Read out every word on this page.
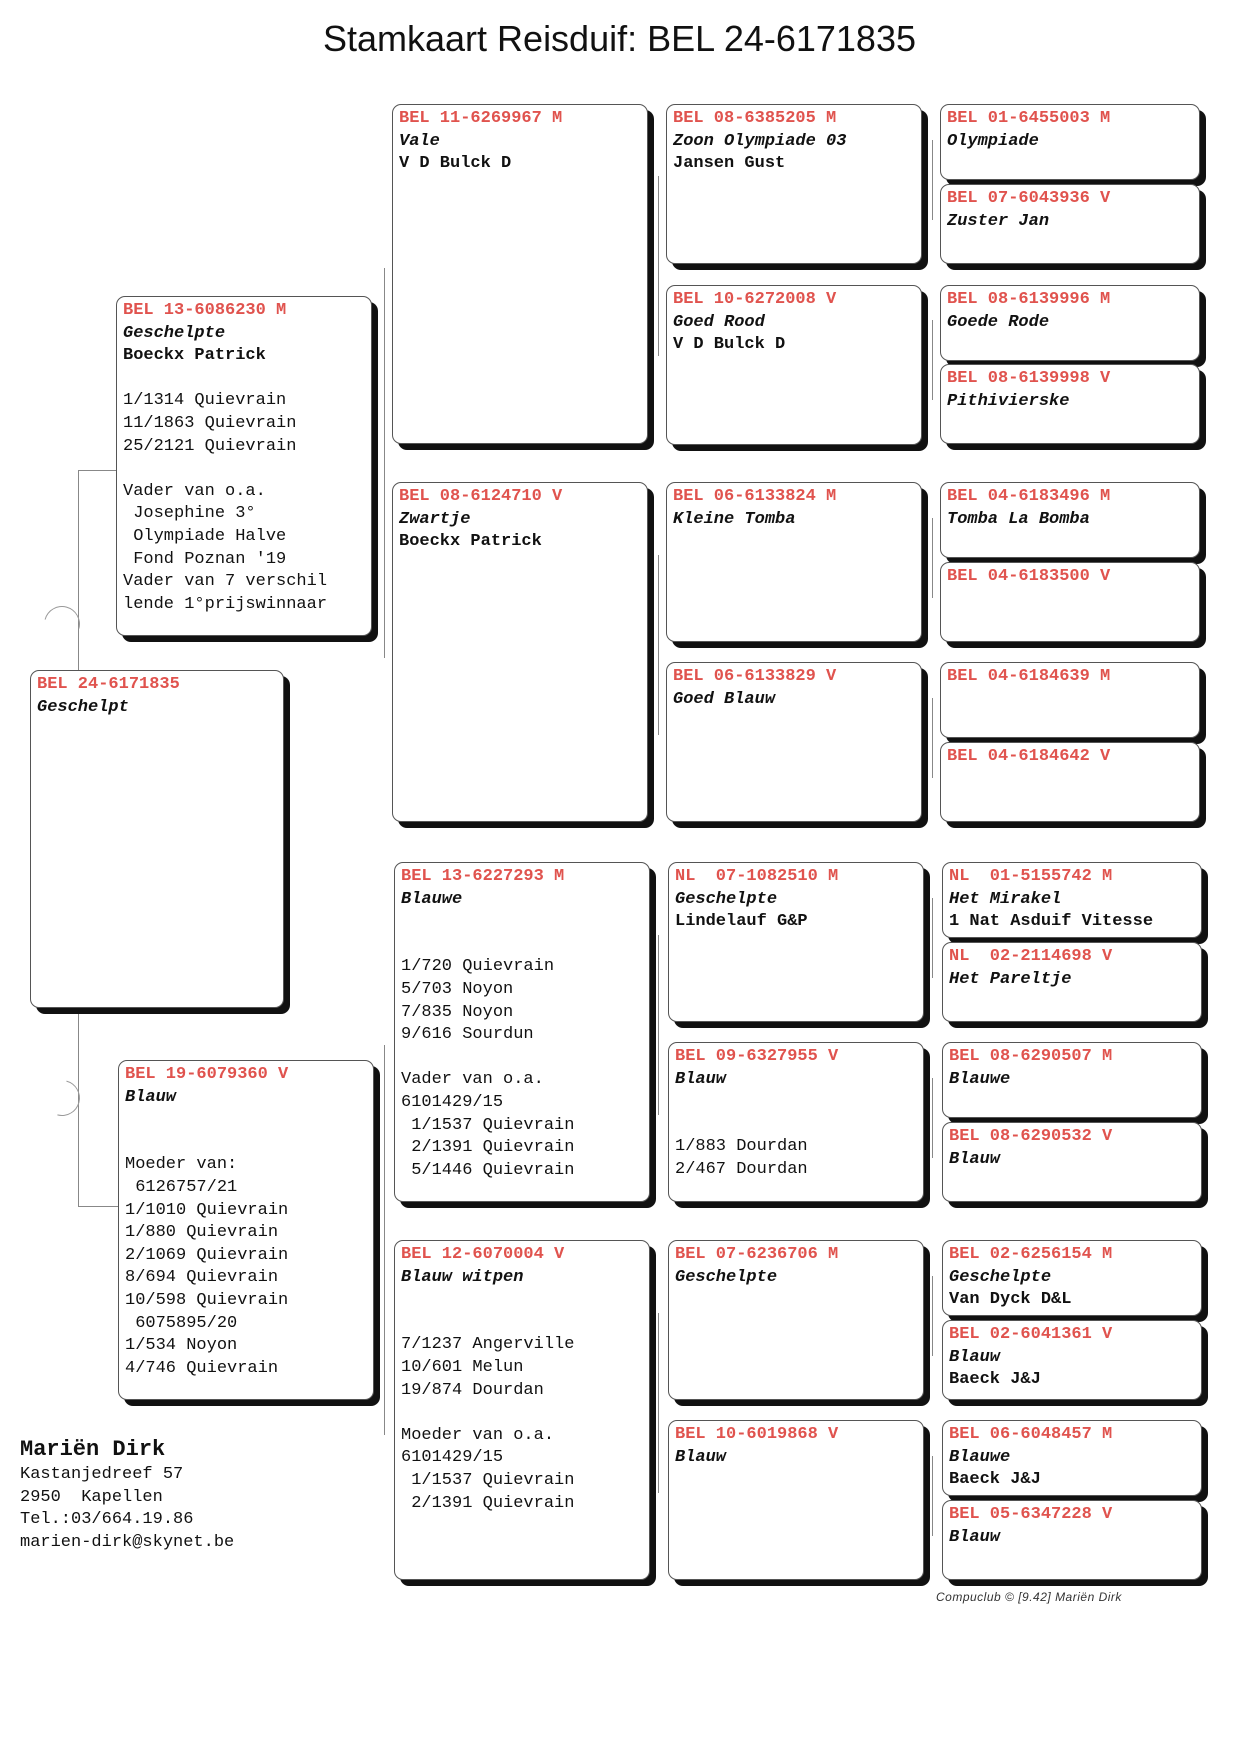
Stamkaart Reisduif: BEL 24-6171835
BEL 24-6171835
Geschelpt
BEL 13-6086230 M
Geschelpte
Boeckx Patrick
1/1314 Quievrain
11/1863 Quievrain
25/2121 Quievrain
Vader van o.a.
Josephine 3°
Olympiade Halve
Fond Poznan '19
Vader van 7 verschil
lende 1°prijswinnaar
BEL 19-6079360 V
Blauw
Moeder van:
6126757/21
1/1010 Quievrain
1/880 Quievrain
2/1069 Quievrain
8/694 Quievrain
10/598 Quievrain
6075895/20
1/534 Noyon
4/746 Quievrain
BEL 11-6269967 M
Vale
V D Bulck D
BEL 08-6124710 V
Zwartje
Boeckx Patrick
BEL 13-6227293 M
Blauwe
1/720 Quievrain
5/703 Noyon
7/835 Noyon
9/616 Sourdun
Vader van o.a.
6101429/15
1/1537 Quievrain
2/1391 Quievrain
5/1446 Quievrain
BEL 12-6070004 V
Blauw witpen
7/1237 Angerville
10/601 Melun
19/874 Dourdan
Moeder van o.a.
6101429/15
1/1537 Quievrain
2/1391 Quievrain
BEL 08-6385205 M
Zoon Olympiade 03
Jansen Gust
BEL 10-6272008 V
Goed Rood
V D Bulck D
BEL 06-6133824 M
Kleine Tomba
BEL 06-6133829 V
Goed Blauw
NL  07-1082510 M
Geschelpte
Lindelauf G&P
BEL 09-6327955 V
Blauw
1/883 Dourdan
2/467 Dourdan
BEL 07-6236706 M
Geschelpte
BEL 10-6019868 V
Blauw
BEL 01-6455003 M
Olympiade
BEL 07-6043936 V
Zuster Jan
BEL 08-6139996 M
Goede Rode
BEL 08-6139998 V
Pithivierske
BEL 04-6183496 M
Tomba La Bomba
BEL 04-6183500 V
BEL 04-6184639 M
BEL 04-6184642 V
NL  01-5155742 M
Het Mirakel
1 Nat Asduif Vitesse
NL  02-2114698 V
Het Pareltje
BEL 08-6290507 M
Blauwe
BEL 08-6290532 V
Blauw
BEL 02-6256154 M
Geschelpte
Van Dyck D&L
BEL 02-6041361 V
Blauw
Baeck J&J
BEL 06-6048457 M
Blauwe
Baeck J&J
BEL 05-6347228 V
Blauw
Mariën Dirk
Kastanjedreef 57
2950  Kapellen
Tel.:03/664.19.86
marien-dirk@skynet.be
Compuclub © [9.42] Mariën Dirk
